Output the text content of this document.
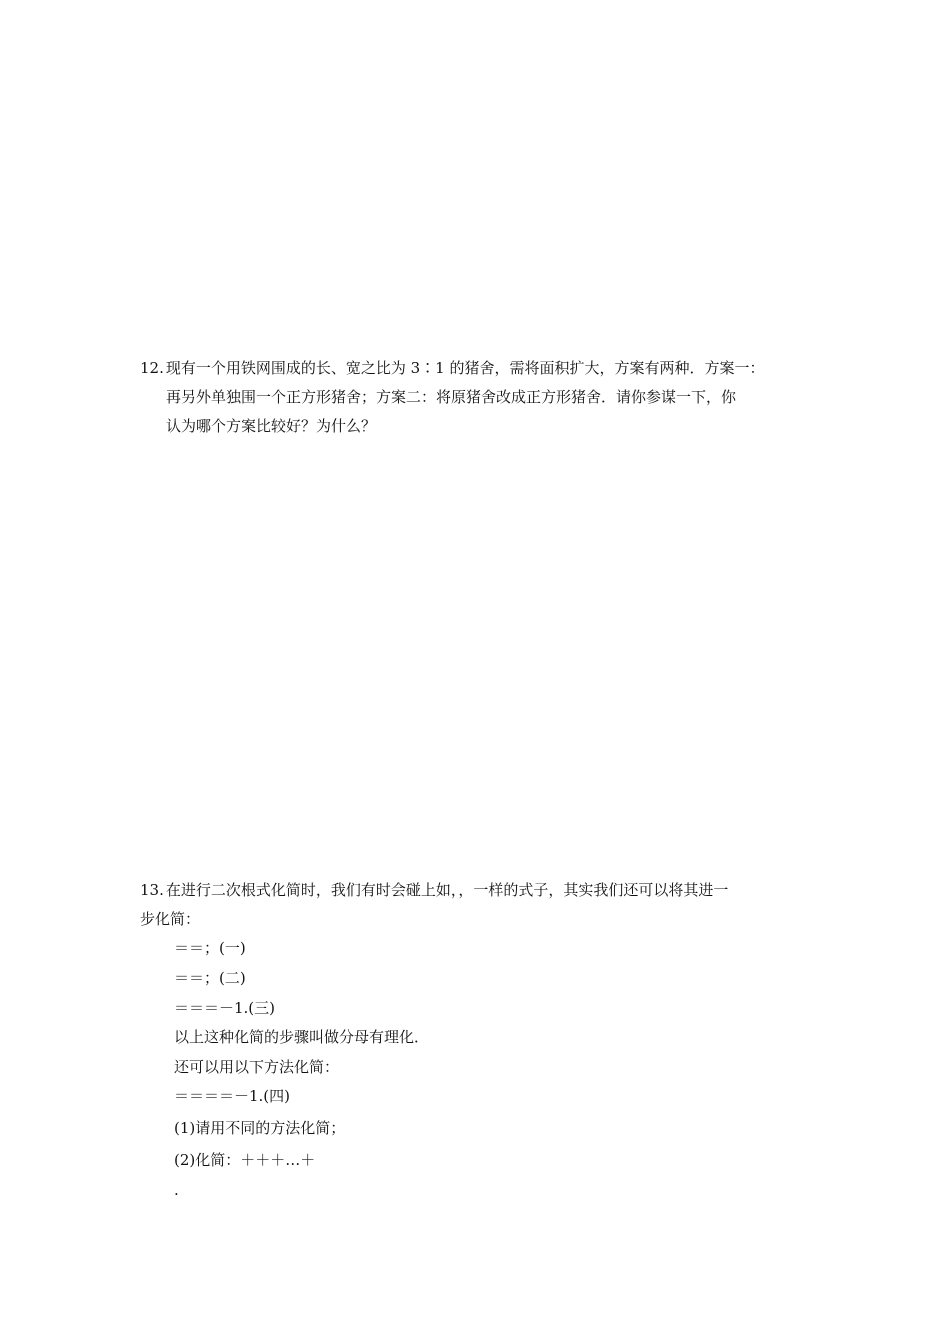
12. 现有一个用铁网围成的长、宽之比为 3∶1 的猪舍，需将面积扩大，方案有两种．方案一：
再另外单独围一个正方形猪舍；方案二：将原猪舍改成正方形猪舍．请你参谋一下，你
认为哪个方案比较好？为什么？
13. 在进行二次根式化简时，我们有时会碰上如，，一样的式子，其实我们还可以将其进一
步化简：
＝＝；(一)
＝＝；(二)
＝＝＝－1.(三)
以上这种化简的步骤叫做分母有理化．
还可以用以下方法化简：
＝＝＝＝－1.(四)
(1)请用不同的方法化简；
(2)化简：＋＋＋…＋
.
